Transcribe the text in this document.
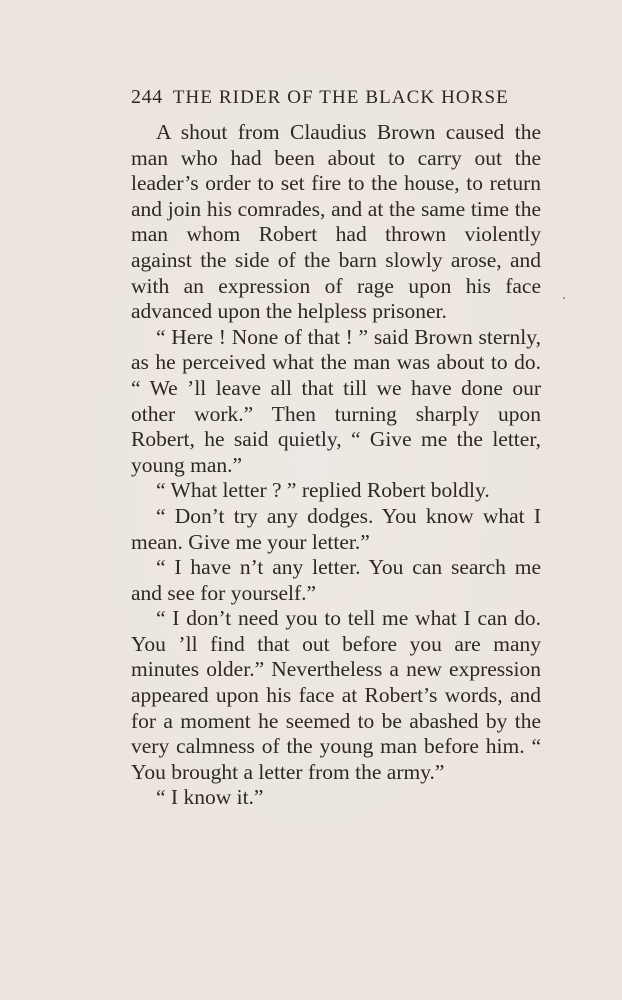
244 THE RIDER OF THE BLACK HORSE

A shout from Claudius Brown caused the man who had been about to carry out the leader’s order to set fire to the house, to return and join his comrades, and at the same time the man whom Robert had thrown violently against the side of the barn slowly arose, and with an expression of rage upon his face advanced upon the helpless prisoner.

“ Here ! None of that ! ” said Brown sternly, as he perceived what the man was about to do. “ We ’ll leave all that till we have done our other work.” Then turning sharply upon Robert, he said quietly, “ Give me the letter, young man.”

“ What letter ? ” replied Robert boldly.

“ Don’t try any dodges. You know what I mean. Give me your letter.”

“ I have n’t any letter. You can search me and see for yourself.”

“ I don’t need you to tell me what I can do. You ’ll find that out before you are many minutes older.” Nevertheless a new expression appeared upon his face at Robert’s words, and for a moment he seemed to be abashed by the very calmness of the young man before him. “ You brought a letter from the army.”

“ I know it.”
